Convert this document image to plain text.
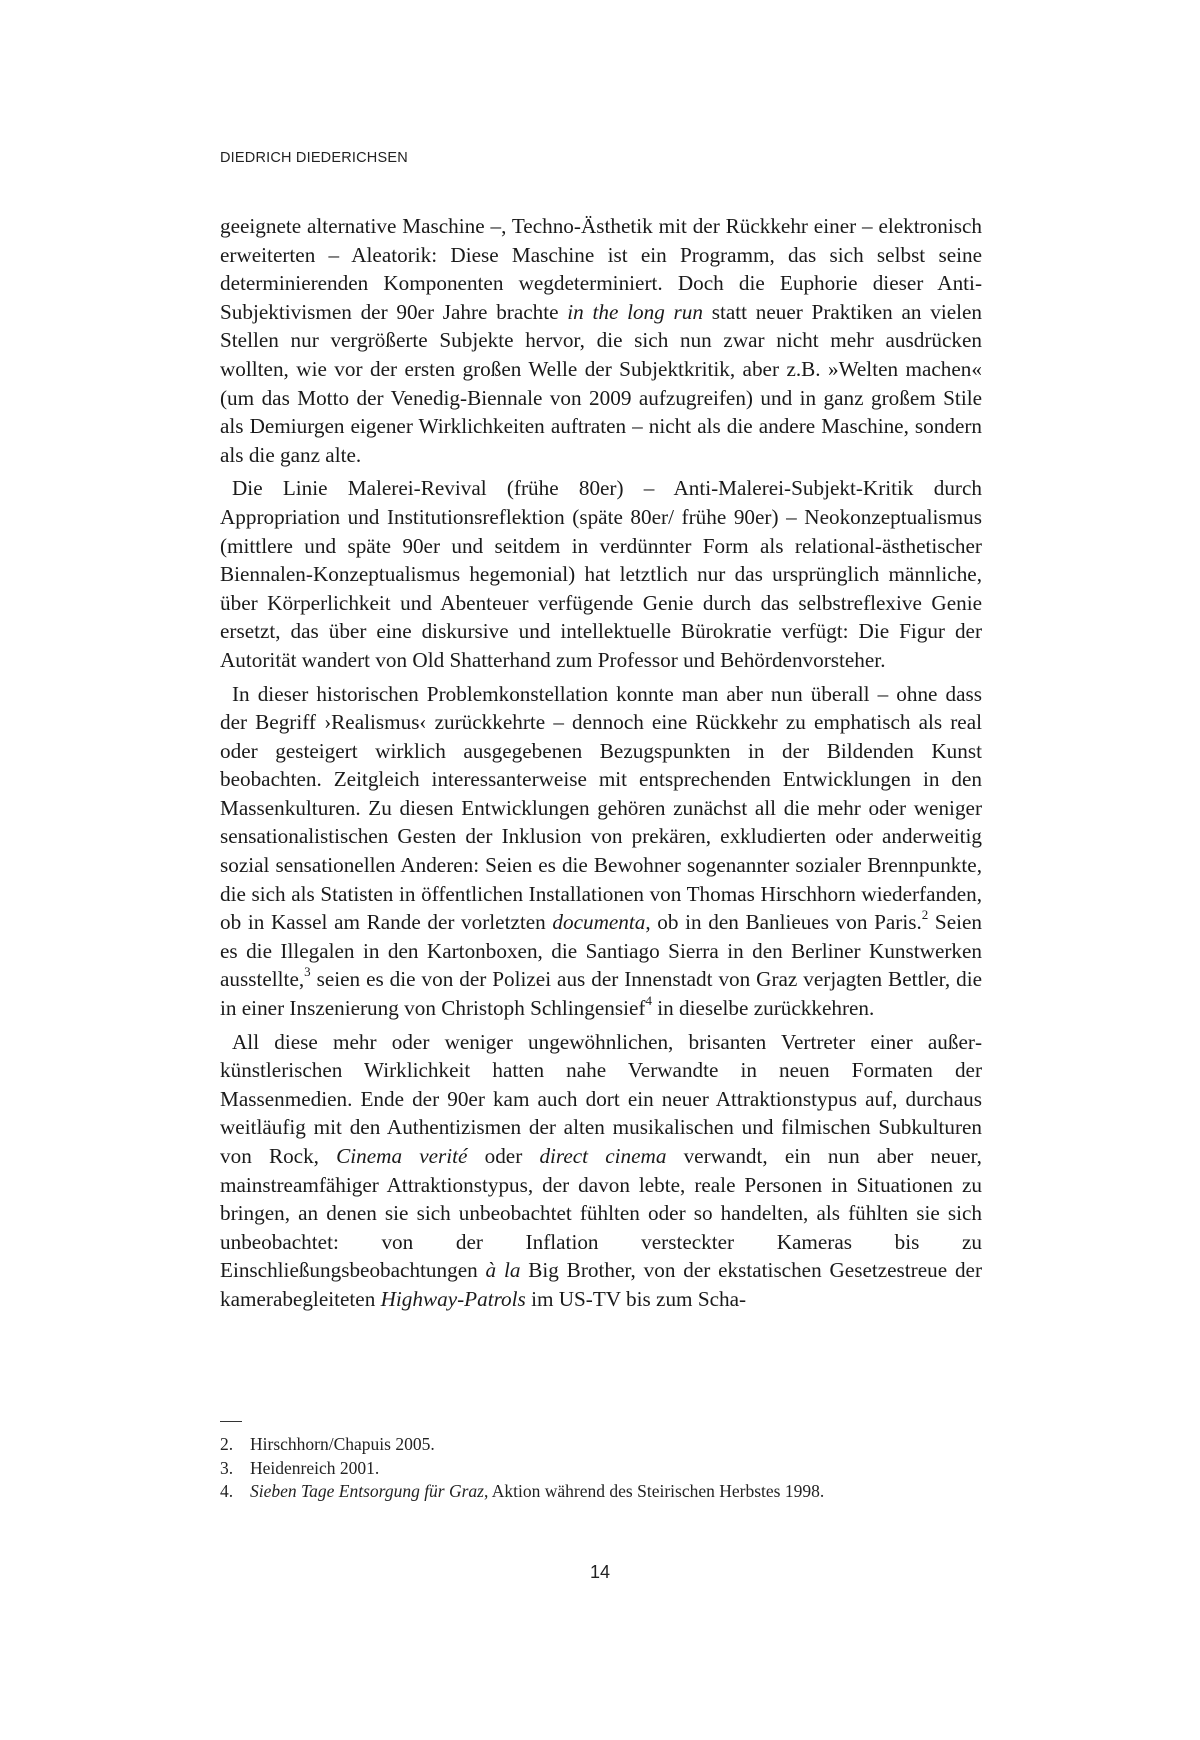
DIEDRICH DIEDERICHSEN

geeignete alternative Maschine –, Techno-Ästhetik mit der Rückkehr einer – elektronisch erweiterten – Aleatorik: Diese Maschine ist ein Programm, das sich selbst seine determinierenden Komponenten wegdeterminiert. Doch die Euphorie dieser Anti-Subjektivismen der 90er Jahre brachte in the long run statt neuer Praktiken an vielen Stellen nur vergrößerte Subjekte hervor, die sich nun zwar nicht mehr ausdrücken wollten, wie vor der ersten großen Welle der Subjektkritik, aber z.B. »Welten machen« (um das Motto der Venedig-Biennale von 2009 aufzugreifen) und in ganz großem Stile als Demiurgen eigener Wirklichkeiten auftraten – nicht als die andere Maschine, sondern als die ganz alte.

Die Linie Malerei-Revival (frühe 80er) – Anti-Malerei-Subjekt-Kritik durch Appropriation und Institutionsreflektion (späte 80er/ frühe 90er) – Neokonzeptualismus (mittlere und späte 90er und seitdem in verdünnter Form als relational-ästhetischer Biennalen-Konzeptualismus hegemonial) hat letztlich nur das ursprünglich männliche, über Körperlichkeit und Abenteuer verfügende Genie durch das selbstreflexive Genie ersetzt, das über eine diskursive und intellektuelle Bürokratie verfügt: Die Figur der Autorität wandert von Old Shatterhand zum Professor und Behördenvorsteher.

In dieser historischen Problemkonstellation konnte man aber nun überall – ohne dass der Begriff ›Realismus‹ zurückkehrte – dennoch eine Rückkehr zu emphatisch als real oder gesteigert wirklich ausgegebenen Bezugspunkten in der Bildenden Kunst beobachten. Zeitgleich interessanterweise mit entsprechenden Entwicklungen in den Massenkulturen. Zu diesen Entwicklungen gehören zunächst all die mehr oder weniger sensationalistischen Gesten der Inklusion von prekären, exkludierten oder anderweitig sozial sensationellen Anderen: Seien es die Bewohner sogenannter sozialer Brennpunkte, die sich als Statisten in öffentlichen Installationen von Thomas Hirschhorn wiederfanden, ob in Kassel am Rande der vorletzten documenta, ob in den Banlieues von Paris.$^2$ Seien es die Illegalen in den Kartonboxen, die Santiago Sierra in den Berliner Kunstwerken ausstellte,$^3$ seien es die von der Polizei aus der Innenstadt von Graz verjagten Bettler, die in einer Inszenierung von Christoph Schlingensief$^4$ in dieselbe zurückkehren.

All diese mehr oder weniger ungewöhnlichen, brisanten Vertreter einer außerkünstlerischen Wirklichkeit hatten nahe Verwandte in neuen Formaten der Massenmedien. Ende der 90er kam auch dort ein neuer Attraktionstypus auf, durchaus weitläufig mit den Authentizismen der alten musikalischen und filmischen Subkulturen von Rock, Cinema verité oder direct cinema verwandt, ein nun aber neuer, mainstreamfähiger Attraktionstypus, der davon lebte, reale Personen in Situationen zu bringen, an denen sie sich unbeobachtet fühlten oder so handelten, als fühlten sie sich unbeobachtet: von der Inflation versteckter Kameras bis zu Einschließungsbeobachtungen à la Big Brother, von der ekstatischen Gesetzestreue der kamerabegleiteten Highway-Patrols im US-TV bis zum Scha-

2. Hirschhorn/Chapuis 2005.
3. Heidenreich 2001.
4. Sieben Tage Entsorgung für Graz, Aktion während des Steirischen Herbstes 1998.
14
